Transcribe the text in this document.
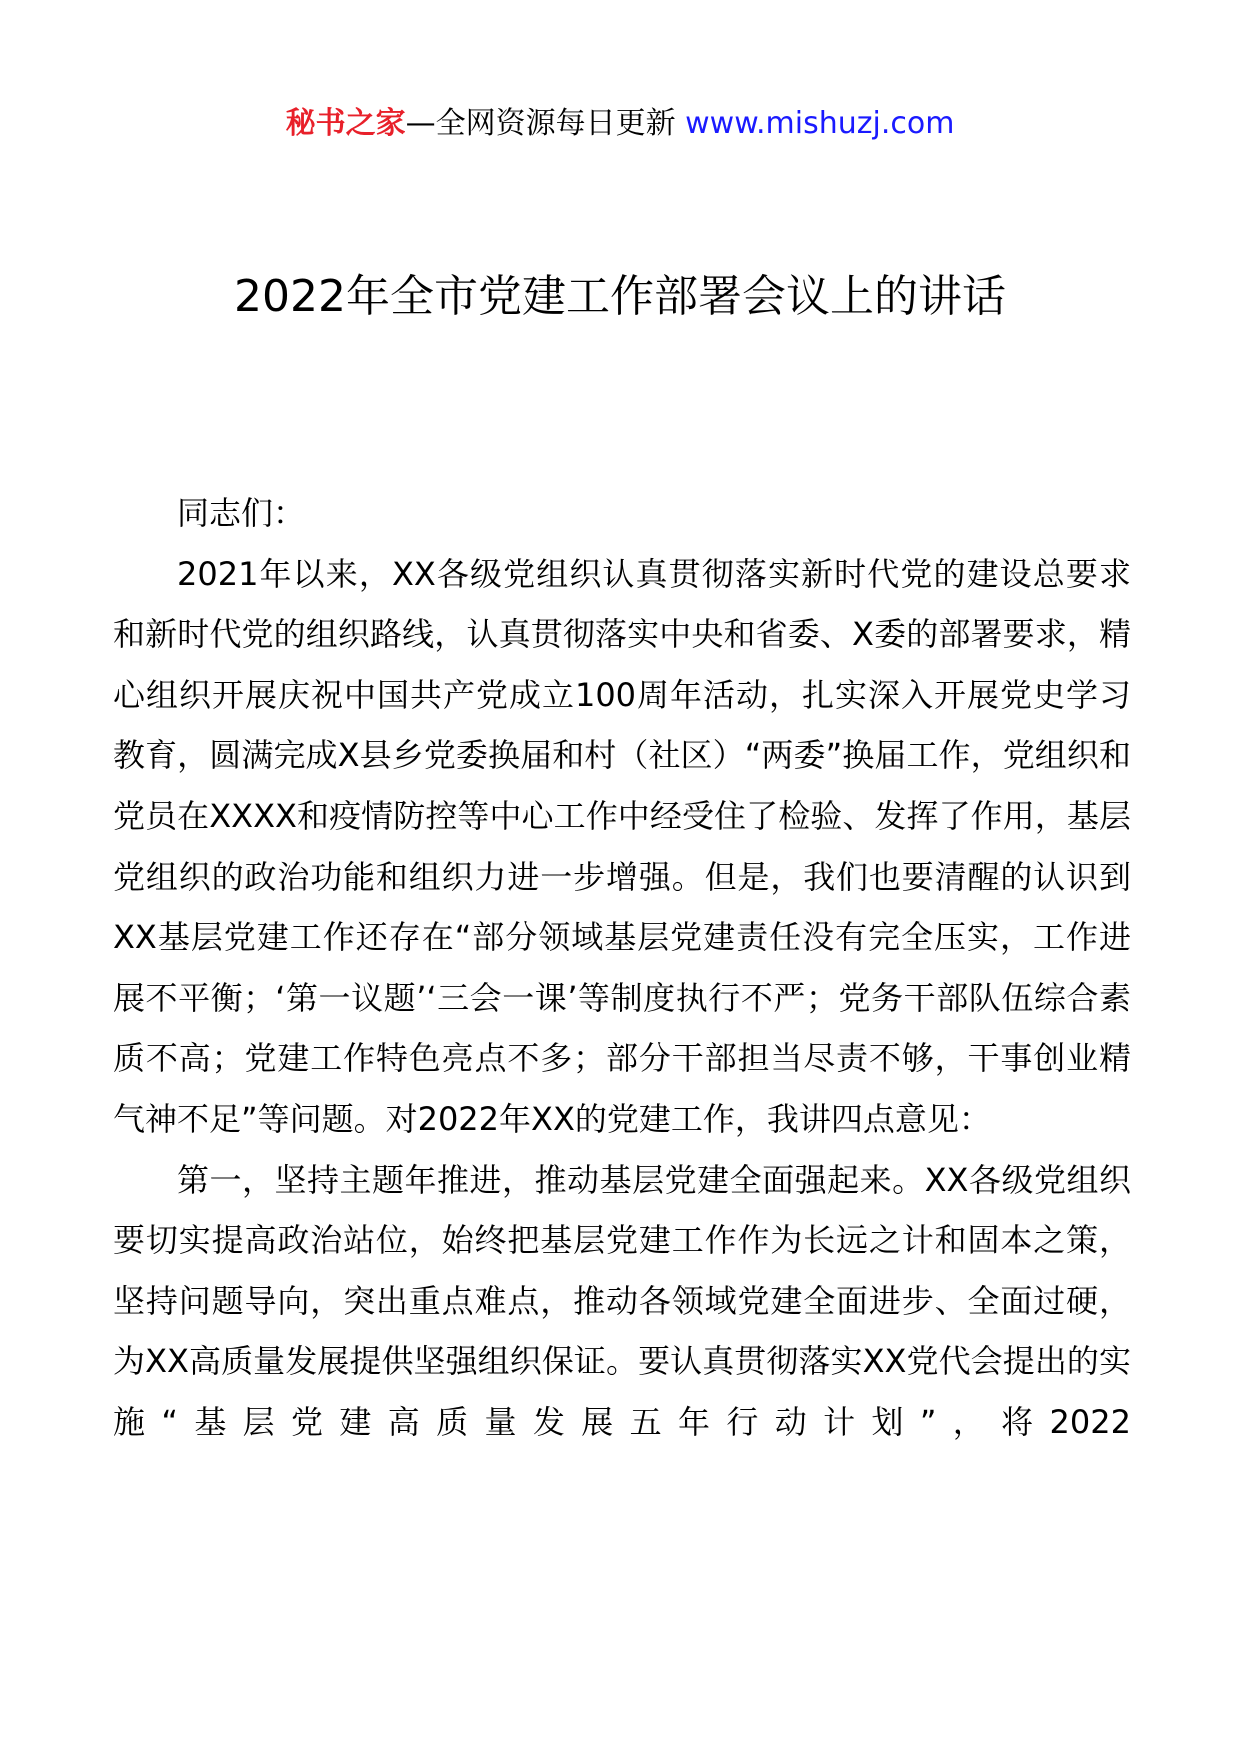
秘书之家—全网资源每日更新 www.mishuzj.com
2022年全市党建工作部署会议上的讲话

同志们：

2021年以来，XX各级党组织认真贯彻落实新时代党的建设总要求和新时代党的组织路线，认真贯彻落实中央和省委、X委的部署要求，精心组织开展庆祝中国共产党成立100周年活动，扎实深入开展党史学习教育，圆满完成X县乡党委换届和村（社区）“两委”换届工作，党组织和党员在XXXX和疫情防控等中心工作中经受住了检验、发挥了作用，基层党组织的政治功能和组织力进一步增强。但是，我们也要清醒的认识到XX基层党建工作还存在“部分领域基层党建责任没有完全压实，工作进展不平衡；‘第一议题’‘三会一课’等制度执行不严；党务干部队伍综合素质不高；党建工作特色亮点不多；部分干部担当尽责不够，干事创业精气神不足”等问题。对2022年XX的党建工作，我讲四点意见：

第一，坚持主题年推进，推动基层党建全面强起来。XX各级党组织要切实提高政治站位，始终把基层党建工作作为长远之计和固本之策，坚持问题导向，突出重点难点，推动各领域党建全面进步、全面过硬，为XX高质量发展提供坚强组织保证。要认真贯彻落实XX党代会提出的实施“基层党建高质量发展五年行动计划”，将2022
